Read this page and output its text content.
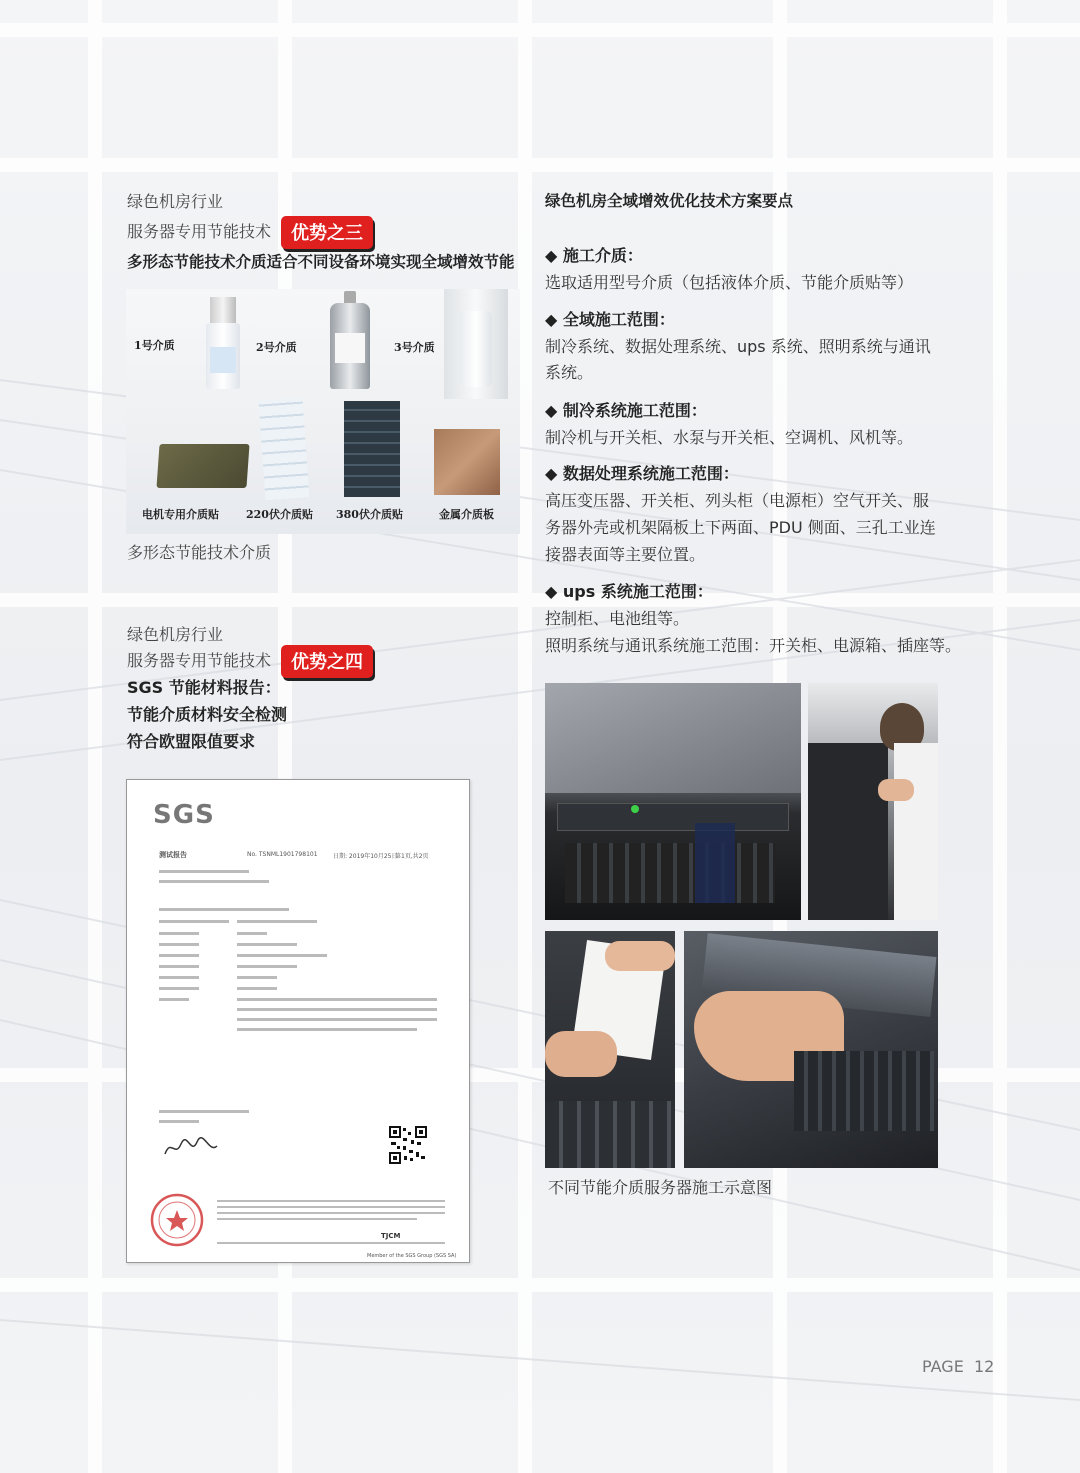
绿色机房行业
服务器专用节能技术	优势之三
多形态节能技术介质适合不同设备环境实现全域增效节能
1号介质	2号介质	3号介质
电机专用介质贴 220伏介质贴 380伏介质贴	金属介质板
多形态节能技术介质
绿色机房行业
服务器专用节能技术	优势之四
SGS 节能材料报告：
节能介质材料安全检测
符合欧盟限值要求
SGS
测试报告	No. TSNML1901798101	日期: 2019年10月25日
第1页,共2页
TJCM
Member of the SGS Group (SGS SA)
绿色机房全域增效优化技术方案要点
◆ 施工介质：
选取适用型号介质（包括液体介质、节能介质贴等）
◆ 全域施工范围：
制冷系统、数据处理系统、ups 系统、照明系统与通讯
系统。
◆ 制冷系统施工范围：
制冷机与开关柜、水泵与开关柜、空调机、风机等。
◆ 数据处理系统施工范围：
高压变压器、开关柜、列头柜（电源柜）空气开关、服
务器外壳或机架隔板上下两面、PDU 侧面、三孔工业连
接器表面等主要位置。
◆ ups 系统施工范围：
控制柜、电池组等。
照明系统与通讯系统施工范围：开关柜、电源箱、插座等。
不同节能介质服务器施工示意图
PAGE  12
